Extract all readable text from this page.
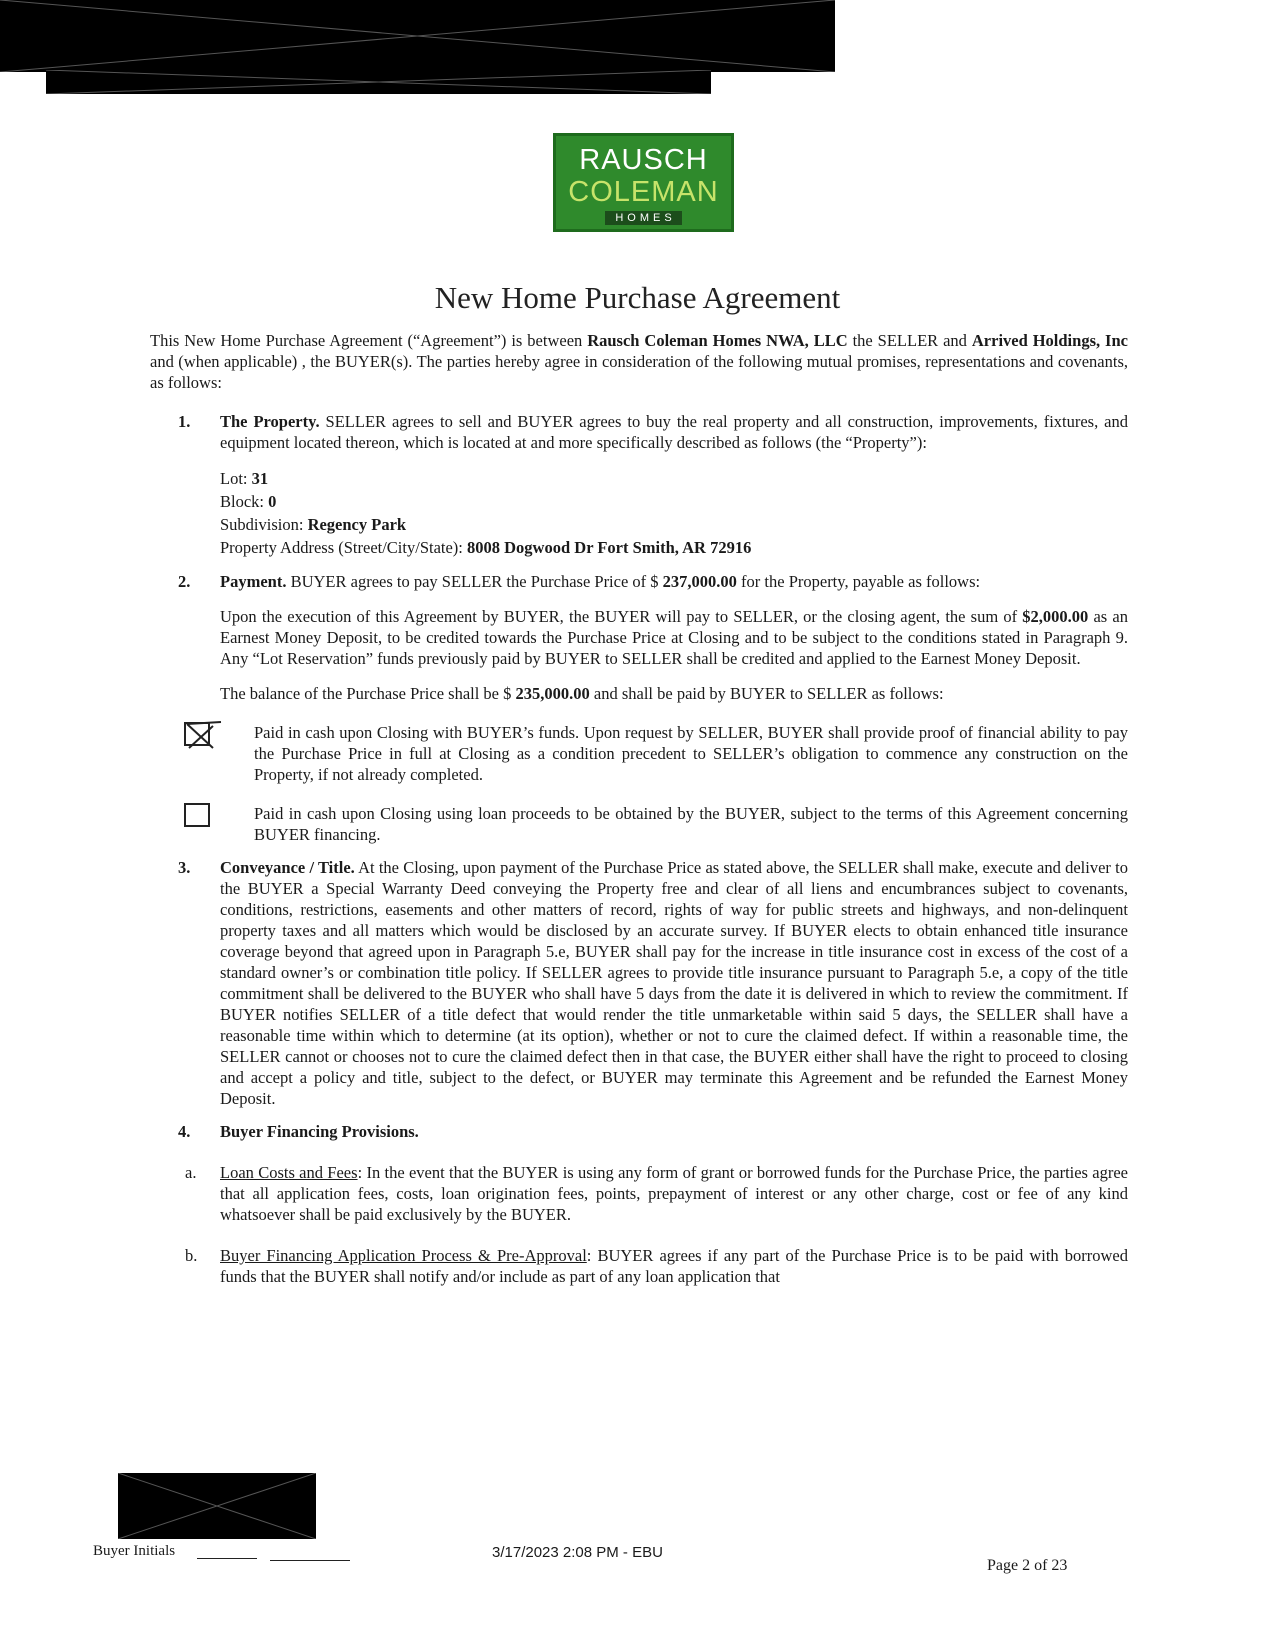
RAUSCH
COLEMAN
HOMES
New Home Purchase Agreement

This New Home Purchase Agreement (“Agreement”) is between Rausch Coleman Homes NWA, LLC the SELLER and Arrived Holdings, Inc and (when applicable) , the BUYER(s). The parties hereby agree in consideration of the following mutual promises, representations and covenants, as follows:

1. The Property. SELLER agrees to sell and BUYER agrees to buy the real property and all construction, improvements, fixtures, and equipment located thereon, which is located at and more specifically described as follows (the “Property”):

Lot: 31
Block: 0
Subdivision: Regency Park
Property Address (Street/City/State): 8008 Dogwood Dr Fort Smith, AR 72916
2. Payment. BUYER agrees to pay SELLER the Purchase Price of $ 237,000.00 for the Property, payable as follows:

Upon the execution of this Agreement by BUYER, the BUYER will pay to SELLER, or the closing agent, the sum of $2,000.00 as an Earnest Money Deposit, to be credited towards the Purchase Price at Closing and to be subject to the conditions stated in Paragraph 9. Any “Lot Reservation” funds previously paid by BUYER to SELLER shall be credited and applied to the Earnest Money Deposit.

The balance of the Purchase Price shall be $ 235,000.00 and shall be paid by BUYER to SELLER as follows:

Paid in cash upon Closing with BUYER’s funds. Upon request by SELLER, BUYER shall provide proof of financial ability to pay the Purchase Price in full at Closing as a condition precedent to SELLER’s obligation to commence any construction on the Property, if not already completed.

Paid in cash upon Closing using loan proceeds to be obtained by the BUYER, subject to the terms of this Agreement concerning BUYER financing.

3. Conveyance / Title. At the Closing, upon payment of the Purchase Price as stated above, the SELLER shall make, execute and deliver to the BUYER a Special Warranty Deed conveying the Property free and clear of all liens and encumbrances subject to covenants, conditions, restrictions, easements and other matters of record, rights of way for public streets and highways, and non-delinquent property taxes and all matters which would be disclosed by an accurate survey. If BUYER elects to obtain enhanced title insurance coverage beyond that agreed upon in Paragraph 5.e, BUYER shall pay for the increase in title insurance cost in excess of the cost of a standard owner’s or combination title policy. If SELLER agrees to provide title insurance pursuant to Paragraph 5.e, a copy of the title commitment shall be delivered to the BUYER who shall have 5 days from the date it is delivered in which to review the commitment. If BUYER notifies SELLER of a title defect that would render the title unmarketable within said 5 days, the SELLER shall have a reasonable time within which to determine (at its option), whether or not to cure the claimed defect. If within a reasonable time, the SELLER cannot or chooses not to cure the claimed defect then in that case, the BUYER either shall have the right to proceed to closing and accept a policy and title, subject to the defect, or BUYER may terminate this Agreement and be refunded the Earnest Money Deposit.

4. Buyer Financing Provisions.

a. Loan Costs and Fees: In the event that the BUYER is using any form of grant or borrowed funds for the Purchase Price, the parties agree that all application fees, costs, loan origination fees, points, prepayment of interest or any other charge, cost or fee of any kind whatsoever shall be paid exclusively by the BUYER.

b. Buyer Financing Application Process & Pre-Approval: BUYER agrees if any part of the Purchase Price is to be paid with borrowed funds that the BUYER shall notify and/or include as part of any loan application that

Buyer Initials	3/17/2023 2:08 PM - EBU
Page 2 of 23
